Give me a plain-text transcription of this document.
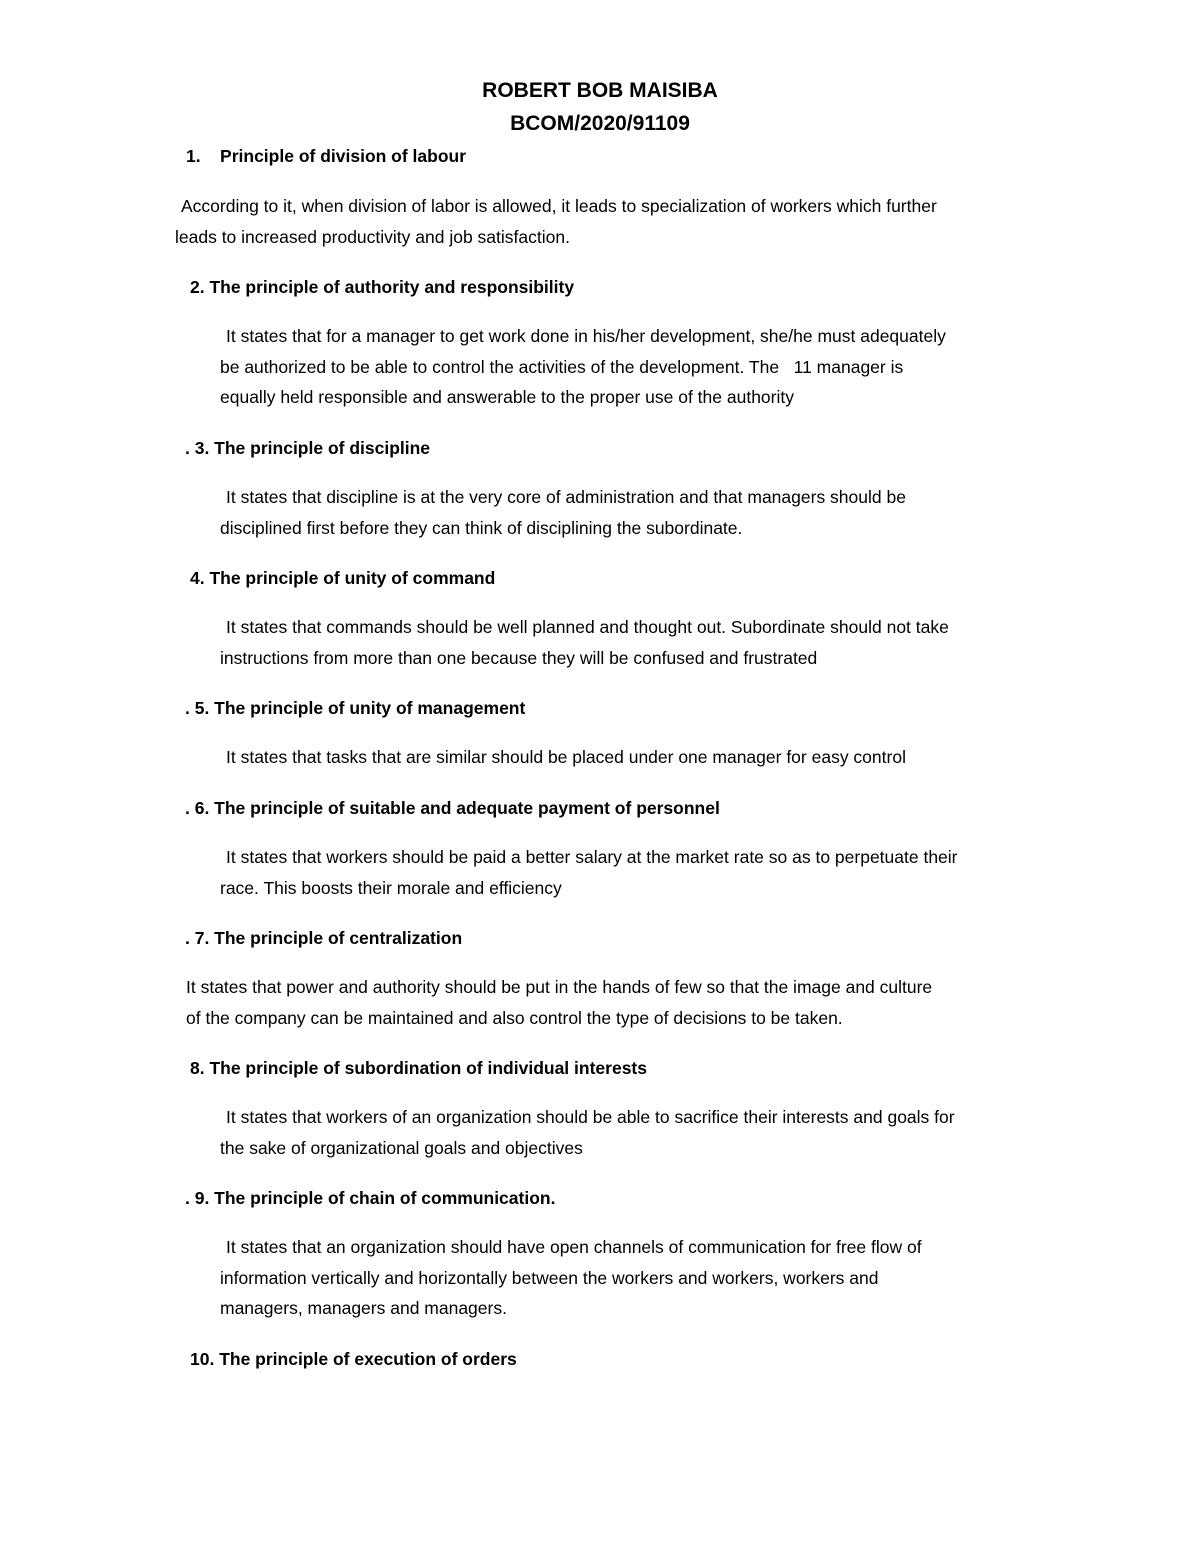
ROBERT BOB MAISIBA
BCOM/2020/91109
1.    Principle of division of labour
According to it, when division of labor is allowed, it leads to specialization of workers which further
leads to increased productivity and job satisfaction.
2. The principle of authority and responsibility
It states that for a manager to get work done in his/her development, she/he must adequately
be authorized to be able to control the activities of the development. The   11 manager is
equally held responsible and answerable to the proper use of the authority
. 3. The principle of discipline
It states that discipline is at the very core of administration and that managers should be
disciplined first before they can think of disciplining the subordinate.
4. The principle of unity of command
It states that commands should be well planned and thought out. Subordinate should not take
instructions from more than one because they will be confused and frustrated
. 5. The principle of unity of management
It states that tasks that are similar should be placed under one manager for easy control
. 6. The principle of suitable and adequate payment of personnel
It states that workers should be paid a better salary at the market rate so as to perpetuate their
race. This boosts their morale and efficiency
. 7. The principle of centralization
It states that power and authority should be put in the hands of few so that the image and culture
of the company can be maintained and also control the type of decisions to be taken.
8. The principle of subordination of individual interests
It states that workers of an organization should be able to sacrifice their interests and goals for
the sake of organizational goals and objectives
. 9. The principle of chain of communication.
It states that an organization should have open channels of communication for free flow of
information vertically and horizontally between the workers and workers, workers and
managers, managers and managers.
10. The principle of execution of orders
